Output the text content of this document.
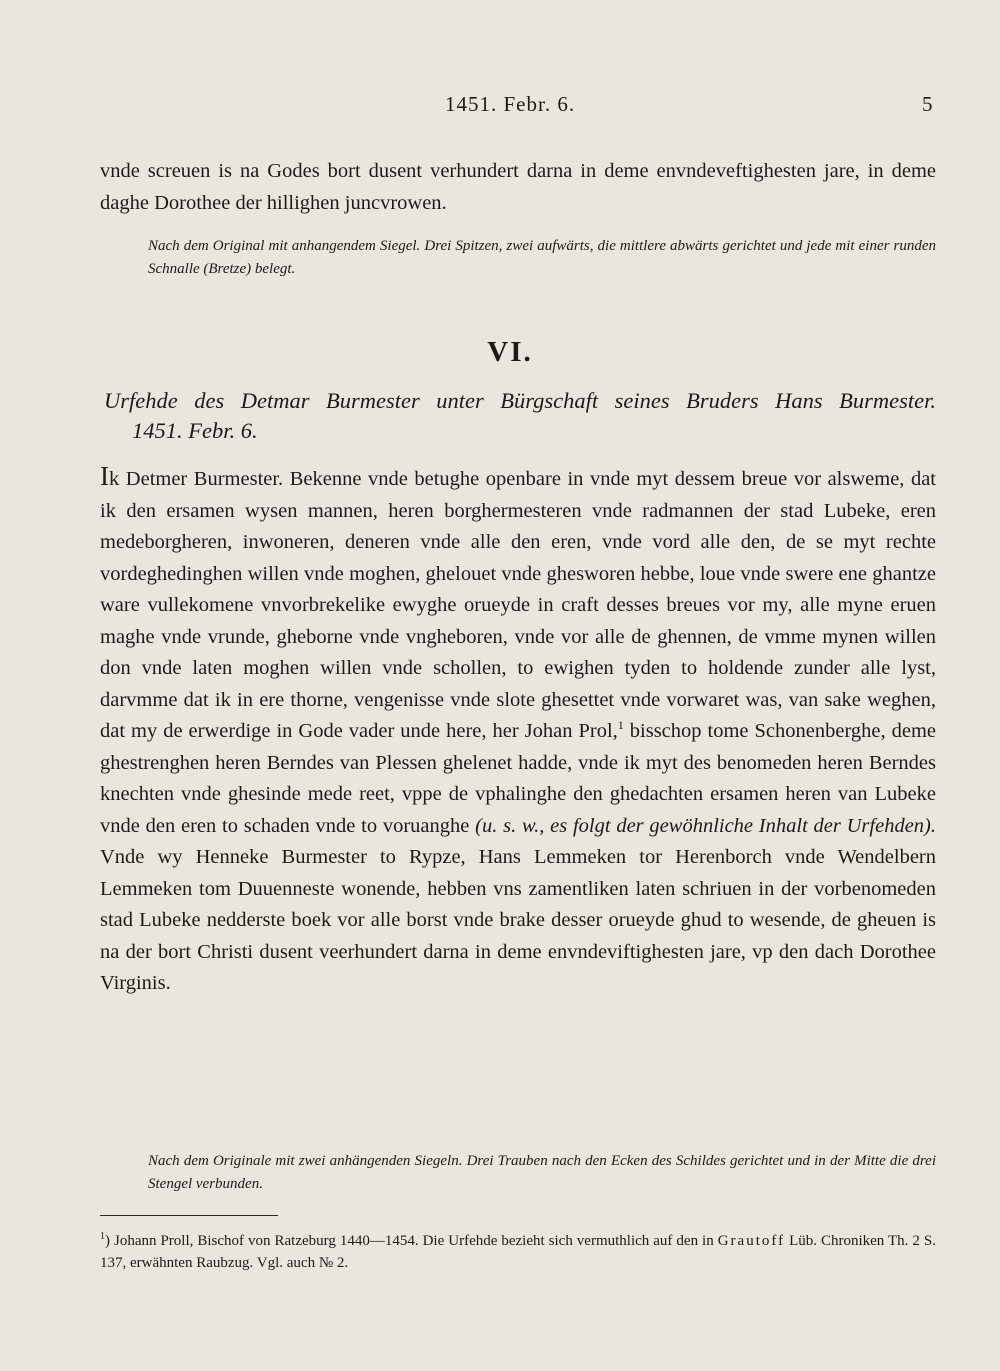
1451. Febr. 6.	5

vnde screuen is na Godes bort dusent verhundert darna in deme envndeveftighesten jare, in deme daghe Dorothee der hillighen juncvrowen.

Nach dem Original mit anhangendem Siegel. Drei Spitzen, zwei aufwärts, die mittlere abwärts gerichtet und jede mit einer runden Schnalle (Bretze) belegt.

VI.
Urfehde des Detmar Burmester unter Bürgschaft seines Bruders Hans Burmester.
1451. Febr. 6.

Ik Detmer Burmester. Bekenne vnde betughe openbare in vnde myt dessem breue vor alsweme, dat ik den ersamen wysen mannen, heren borghermesteren vnde radmannen der stad Lubeke, eren medeborgheren, inwoneren, deneren vnde alle den eren, vnde vord alle den, de se myt rechte vordeghedinghen willen vnde moghen, ghelouet vnde ghesworen hebbe, loue vnde swere ene ghantze ware vullekomene vnvorbrekelike ewyghe orueyde in craft desses breues vor my, alle myne eruen maghe vnde vrunde, gheborne vnde vngheboren, vnde vor alle de ghennen, de vmme mynen willen don vnde laten moghen willen vnde schollen, to ewighen tyden to holdende zunder alle lyst, darvmme dat ik in ere thorne, vengenisse vnde slote ghesettet vnde vorwaret was, van sake weghen, dat my de erwerdige in Gode vader unde here, her Johan Prol,$^1$ bisschop tome Schonenberghe, deme ghestrenghen heren Berndes van Plessen ghelenet hadde, vnde ik myt des benomeden heren Berndes knechten vnde ghesinde mede reet, vppe de vphalinghe den ghedachten ersamen heren van Lubeke vnde den eren to schaden vnde to voruanghe (u. s. w., es folgt der gewöhnliche Inhalt der Urfehden). Vnde wy Henneke Burmester to Rypze, Hans Lemmeken tor Herenborch vnde Wendelbern Lemmeken tom Duuenneste wonende, hebben vns zamentliken laten schriuen in der vorbenomeden stad Lubeke nedderste boek vor alle borst vnde brake desser orueyde ghud to wesende, de gheuen is na der bort Christi dusent veerhundert darna in deme envndeviftighesten jare, vp den dach Dorothee Virginis.

Nach dem Originale mit zwei anhängenden Siegeln. Drei Trauben nach den Ecken des Schildes gerichtet und in der Mitte die drei Stengel verbunden.

$^1$) Johann Proll, Bischof von Ratzeburg 1440—1454. Die Urfehde bezieht sich vermuthlich auf den in Grautoff Lüb. Chroniken Th. 2 S. 137, erwähnten Raubzug. Vgl. auch № 2.
